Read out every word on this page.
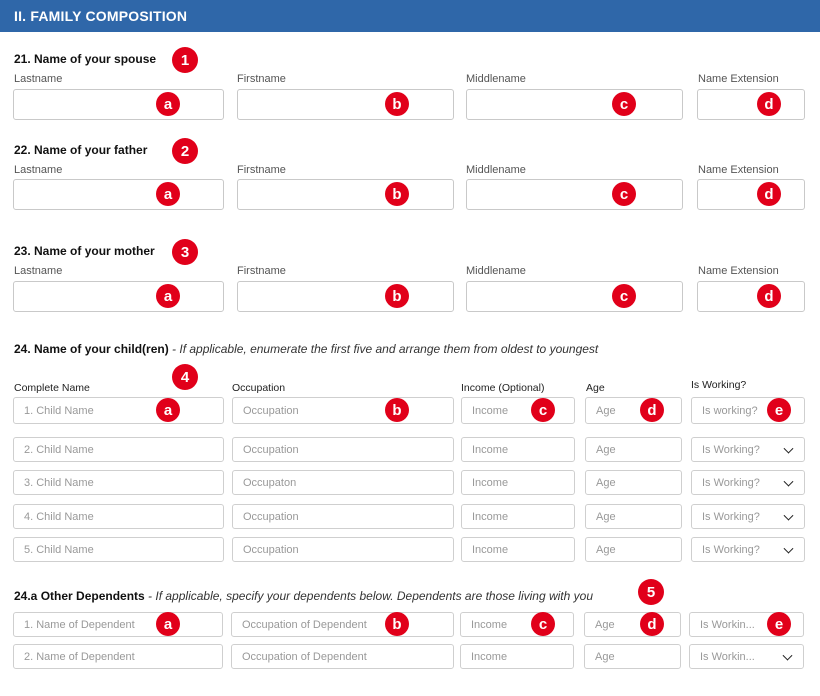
II. FAMILY COMPOSITION
21. Name of your spouse	1
Lastname	Firstname	Middlename	Name Extension
a	b	c	d
22. Name of your father	2
Lastname	Firstname	Middlename	Name Extension
a	b	c	d
23. Name of your mother	3
Lastname	Firstname	Middlename	Name Extension
a	b	c	d
24. Name of your child(ren) - If applicable, enumerate the first five and arrange them from oldest to youngest
4
Complete Name	Occupation	Income (Optional)	Age	Is Working?
1. Child Name	Occupation	Income	Age	Is working?
a	b	c	d	e
2. Child Name	Occupation	Income	Age	Is Working?
3. Child Name	Occupaton	Income	Age	Is Working?
4. Child Name	Occupation	Income	Age	Is Working?
5. Child Name	Occupation	Income	Age	Is Working?
24.a Other Dependents - If applicable, specify your dependents below. Dependents are those living with you	5
1. Name of Dependent	Occupation of Dependent	Income	Age	Is Workin...
a	b	c	d	e
2. Name of Dependent	Occupation of Dependent	Income	Age	Is Workin...
